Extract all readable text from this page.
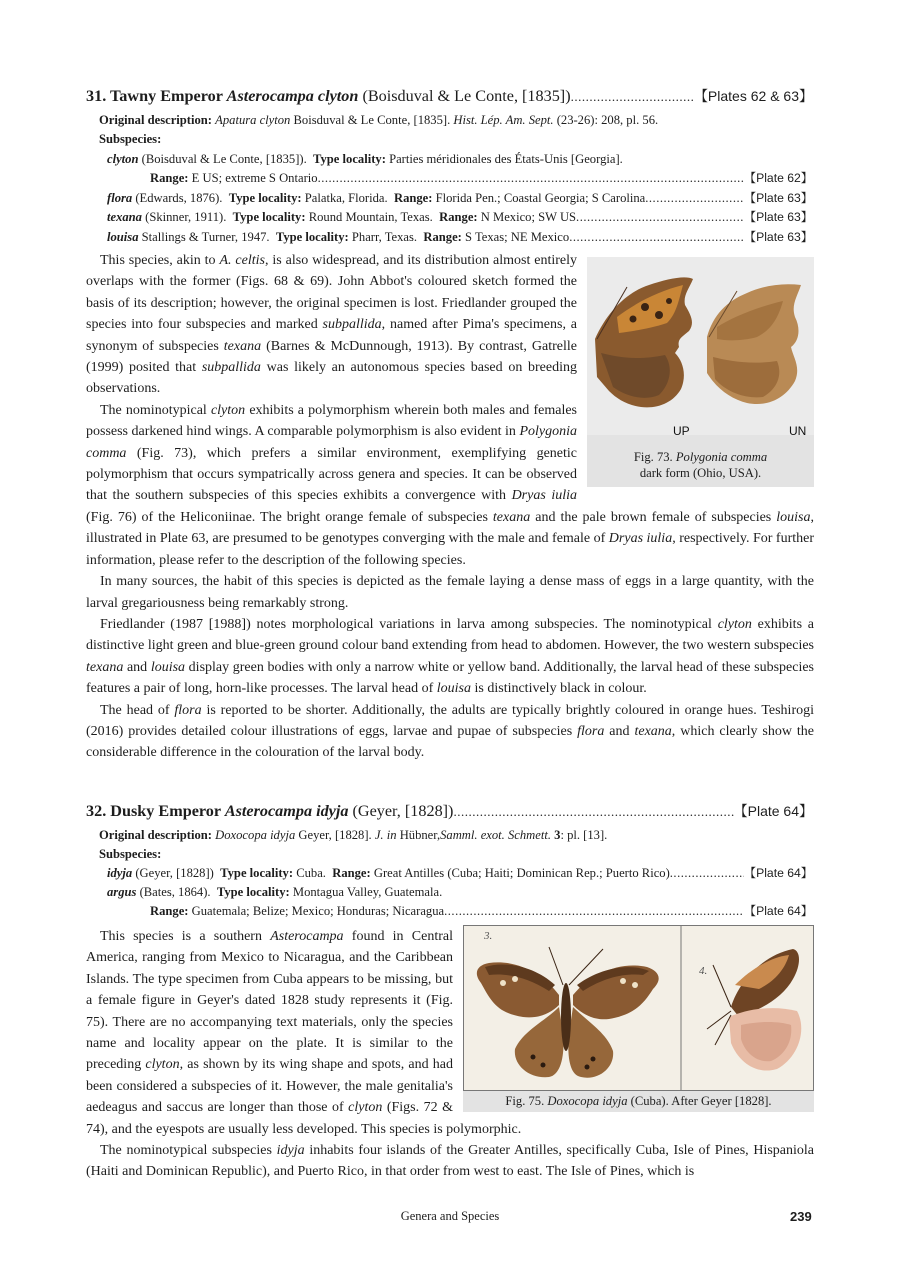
31. Tawny Emperor Asterocampa clyton (Boisduval & Le Conte, [1835]) .....	【Plates 62 & 63】
Original description: Apatura clyton Boisduval & Le Conte, [1835]. Hist. Lép. Am. Sept. (23-26): 208, pl. 56.
Subspecies:
clyton (Boisduval & Le Conte, [1835]). Type locality: Parties méridionales des États-Unis [Georgia].
Range: E US; extreme S Ontario .....	【Plate 62】
flora (Edwards, 1876). Type locality: Palatka, Florida. Range: Florida Pen.; Coastal Georgia; S Carolina .....	【Plate 63】
texana (Skinner, 1911). Type locality: Round Mountain, Texas. Range: N Mexico; SW US .....	【Plate 63】
louisa Stallings & Turner, 1947. Type locality: Pharr, Texas. Range: S Texas; NE Mexico .....	【Plate 63】
UP	UN
Fig. 73. Polygonia comma
dark form (Ohio, USA).

This species, akin to A. celtis, is also widespread, and its distribution almost entirely overlaps with the former (Figs. 68 & 69). John Abbot's coloured sketch formed the basis of its description; however, the original specimen is lost. Friedlander grouped the species into four subspecies and marked subpallida, named after Pima's specimens, a synonym of subspecies texana (Barnes & McDunnough, 1913). By contrast, Gatrelle (1999) posited that subpallida was likely an autonomous species based on breeding observations.

The nominotypical clyton exhibits a polymorphism wherein both males and females possess darkened hind wings. A comparable polymorphism is also evident in Polygonia comma (Fig. 73), which prefers a similar environment, exemplifying genetic polymorphism that occurs sympatrically across genera and species. It can be observed that the southern subspecies of this species exhibits a convergence with Dryas iulia (Fig. 76) of the Heliconiinae. The bright orange female of subspecies texana and the pale brown female of subspecies louisa, illustrated in Plate 63, are presumed to be genotypes converging with the male and female of Dryas iulia, respectively. For further information, please refer to the description of the following species.

In many sources, the habit of this species is depicted as the female laying a dense mass of eggs in a large quantity, with the larval gregariousness being remarkably strong.

Friedlander (1987 [1988]) notes morphological variations in larva among subspecies. The nominotypical clyton exhibits a distinctive light green and blue-green ground colour band extending from head to abdomen. However, the two western subspecies texana and louisa display green bodies with only a narrow white or yellow band. Additionally, the larval head of these subspecies features a pair of long, horn-like processes. The larval head of louisa is distinctively black in colour.

The head of flora is reported to be shorter. Additionally, the adults are typically brightly coloured in orange hues. Teshirogi (2016) provides detailed colour illustrations of eggs, larvae and pupae of subspecies flora and texana, which clearly show the considerable difference in the colouration of the larval body.

32. Dusky Emperor Asterocampa idyja (Geyer, [1828]) .....	【Plate 64】
Original description: Doxocopa idyja Geyer, [1828]. J. in Hübner,Samml. exot. Schmett. 3: pl. [13].
Subspecies:
idyja (Geyer, [1828]) Type locality: Cuba. Range: Great Antilles (Cuba; Haiti; Dominican Rep.; Puerto Rico) .....	【Plate 64】
argus (Bates, 1864). Type locality: Montagua Valley, Guatemala.
Range: Guatemala; Belize; Mexico; Honduras; Nicaragua .....	【Plate 64】
3.
4.
Fig. 75. Doxocopa idyja (Cuba). After Geyer [1828].

This species is a southern Asterocampa found in Central America, ranging from Mexico to Nicaragua, and the Caribbean Islands. The type specimen from Cuba appears to be missing, but a female figure in Geyer's dated 1828 study represents it (Fig. 75). There are no accompanying text materials, only the species name and locality appear on the plate. It is similar to the preceding clyton, as shown by its wing shape and spots, and had been considered a subspecies of it. However, the male genitalia's aedeagus and saccus are longer than those of clyton (Figs. 72 & 74), and the eyespots are usually less developed. This species is polymorphic.

The nominotypical subspecies idyja inhabits four islands of the Greater Antilles, specifically Cuba, Isle of Pines, Hispaniola (Haiti and Dominican Republic), and Puerto Rico, in that order from west to east. The Isle of Pines, which is

Genera and Species	239
